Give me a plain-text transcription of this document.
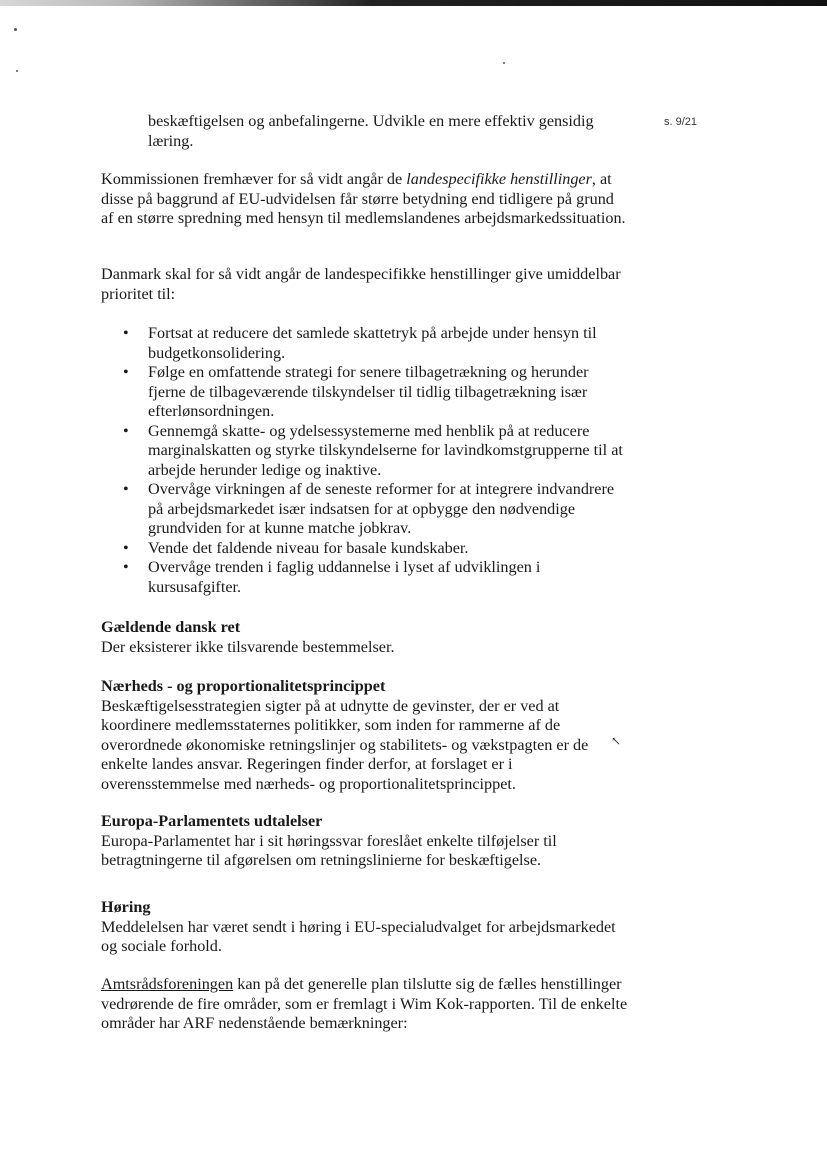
s. 9/21
beskæftigelsen og anbefalingerne. Udvikle en mere effektiv gensidig læring.
Kommissionen fremhæver for så vidt angår de landespecifikke henstillinger, at disse på baggrund af EU-udvidelsen får større betydning end tidligere på grund af en større spredning med hensyn til medlemslandenes arbejdsmarkedssituation.
Danmark skal for så vidt angår de landespecifikke henstillinger give umiddelbar prioritet til:
• Fortsat at reducere det samlede skattetryk på arbejde under hensyn til budgetkonsolidering.
• Følge en omfattende strategi for senere tilbagetrækning og herunder fjerne de tilbageværende tilskyndelser til tidlig tilbagetrækning især efterlønsordningen.
• Gennemgå skatte- og ydelsessystemerne med henblik på at reducere marginalskatten og styrke tilskyndelserne for lavindkomstgrupperne til at arbejde herunder ledige og inaktive.
• Overvåge virkningen af de seneste reformer for at integrere indvandrere på arbejdsmarkedet især indsatsen for at opbygge den nødvendige grundviden for at kunne matche jobkrav.
• Vende det faldende niveau for basale kundskaber.
• Overvåge trenden i faglig uddannelse i lyset af udviklingen i kursusafgifter.

Gældende dansk ret

Der eksisterer ikke tilsvarende bestemmelser.

Nærheds - og proportionalitetsprincippet

Beskæftigelsesstrategien sigter på at udnytte de gevinster, der er ved at koordinere medlemsstaternes politikker, som inden for rammerne af de overordnede økonomiske retningslinjer og stabilitets- og vækstpagten er de enkelte landes ansvar. Regeringen finder derfor, at forslaget er i overensstemmelse med nærheds- og proportionalitetsprincippet.

↖

Europa-Parlamentets udtalelser

Europa-Parlamentet har i sit høringssvar foreslået enkelte tilføjelser til betragtningerne til afgørelsen om retningslinierne for beskæftigelse.

Høring

Meddelelsen har været sendt i høring i EU-specialudvalget for arbejdsmarkedet og sociale forhold.

Amtsrådsforeningen kan på det generelle plan tilslutte sig de fælles henstillinger vedrørende de fire områder, som er fremlagt i Wim Kok-rapporten. Til de enkelte områder har ARF nedenstående bemærkninger:
